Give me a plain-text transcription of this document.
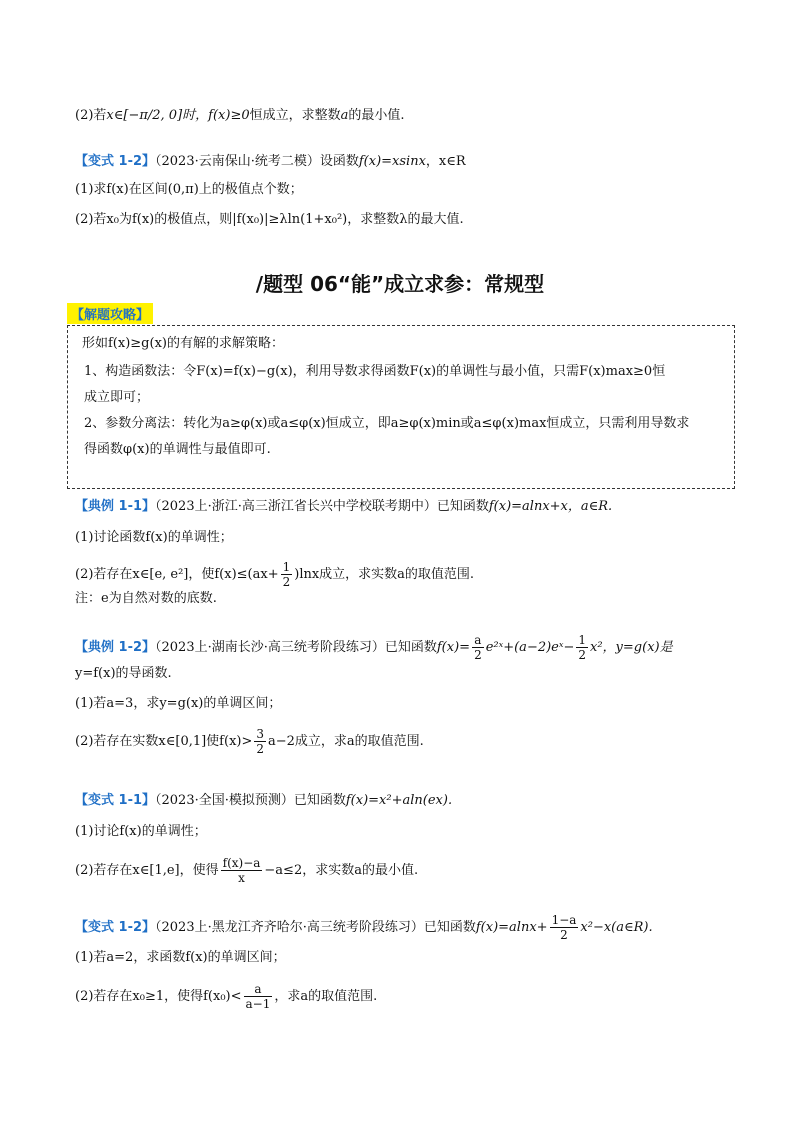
(2)若x∈[−π/2, 0]时，f(x)≥0恒成立，求整数a的最小值.
【变式 1-2】（2023·云南保山·统考二模）设函数f(x)=xsinx，x∈R
(1)求f(x)在区间(0,π)上的极值点个数；
(2)若x₀为f(x)的极值点，则|f(x₀)|≥λln(1+x₀²)，求整数λ的最大值.
/题型 06“能”成立求参：常规型
【解题攻略】
形如f(x)≥g(x)的有解的求解策略：
1、构造函数法：令F(x)=f(x)−g(x)，利用导数求得函数F(x)的单调性与最小值，只需F(x)max≥0恒
成立即可；
2、参数分离法：转化为a≥φ(x)或a≤φ(x)恒成立，即a≥φ(x)min或a≤φ(x)max恒成立，只需利用导数求
得函数φ(x)的单调性与最值即可.
【典例 1-1】（2023上·浙江·高三浙江省长兴中学校联考期中）已知函数f(x)=alnx+x，a∈R.
(1)讨论函数f(x)的单调性；
(2)若存在x∈[e, e²]，使$f(x)\le(ax+ \frac{1}{2} )\ln x$成立，求实数a的取值范围.
注：e为自然对数的底数.
【典例 1-2】（2023上·湖南长沙·高三统考阶段练习）已知函数$f(x)= \frac{a}{2}$ e²ˣ+(a−2)eˣ− $\frac{1}{2} x^2$，y=g(x)是
y=f(x)的导函数.
(1)若a=3，求y=g(x)的单调区间；
(2)若存在实数x∈[0,1]使$f(x)> \frac{3}{2} a-2$成立，求a的取值范围.
【变式 1-1】（2023·全国·模拟预测）已知函数f(x)=x²+aln(ex).
(1)讨论f(x)的单调性；
(2)若存在x∈[1,e]，使得 $\frac{f(x)-a}{x} -a\le 2$，求实数a的最小值.
【变式 1-2】（2023上·黑龙江齐齐哈尔·高三统考阶段练习）已知函数$f(x)=alnx+ \frac{1-a}{2}$ x²−x(a∈R).
(1)若a=2，求函数f(x)的单调区间；
(2)若存在x₀≥1，使得$f(x_0)< \frac{a}{a-1}$ ，求a的取值范围.
